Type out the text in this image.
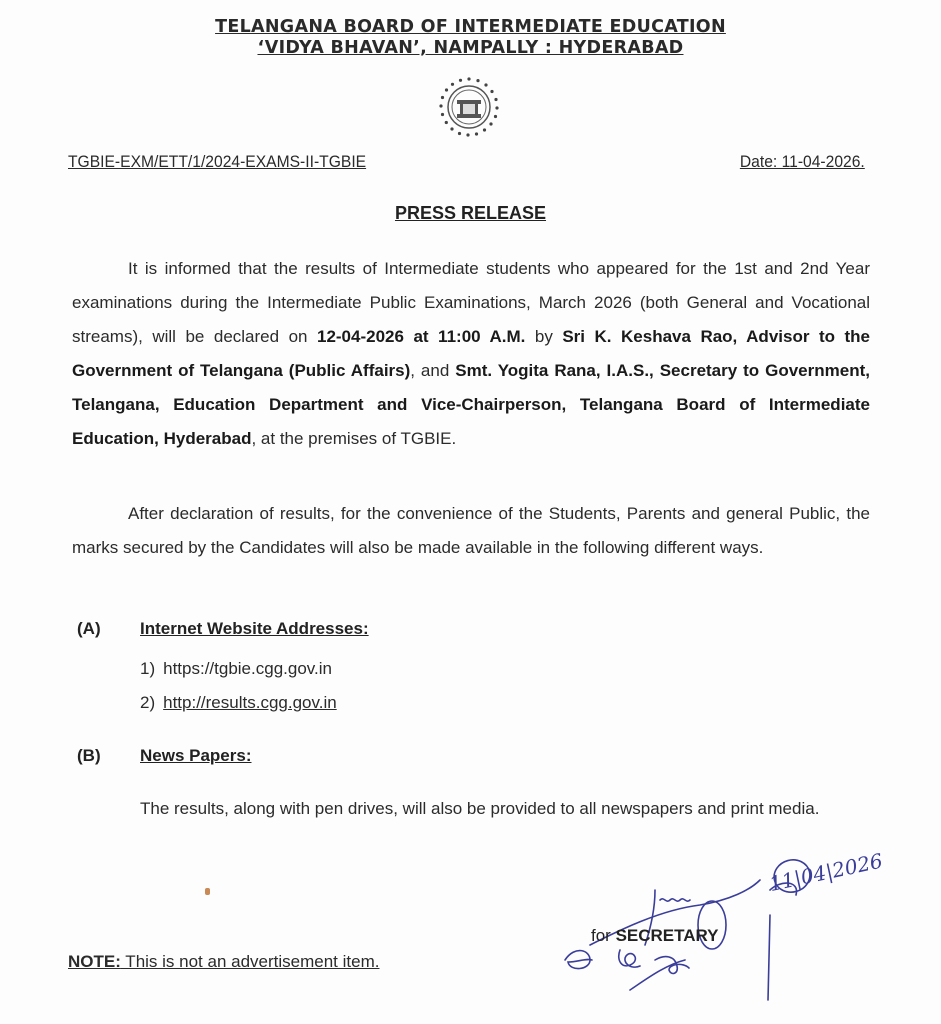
TELANGANA BOARD OF INTERMEDIATE EDUCATION
‘VIDYA BHAVAN’, NAMPALLY : HYDERABAD
TGBIE-EXM/ETT/1/2024-EXAMS-II-TGBIE	Date: 11-04-2026.
PRESS RELEASE
It is informed that the results of Intermediate students who appeared for the 1st and 2nd Year examinations during the Intermediate Public Examinations, March 2026 (both General and Vocational streams), will be declared on 12-04-2026 at 11:00 A.M. by Sri K. Keshava Rao, Advisor to the Government of Telangana (Public Affairs), and Smt. Yogita Rana, I.A.S., Secretary to Government, Telangana, Education Department and Vice-Chairperson, Telangana Board of Intermediate Education, Hyderabad, at the premises of TGBIE.
After declaration of results, for the convenience of the Students, Parents and general Public, the marks secured by the Candidates will also be made available in the following different ways.
(A) Internet Website Addresses:
1) https://tgbie.cgg.gov.in
2) http://results.cgg.gov.in
(B) News Papers:
The results, along with pen drives, will also be provided to all newspapers and print media.
NOTE: This is not an advertisement item.
11|04|2026
for SECRETARY
